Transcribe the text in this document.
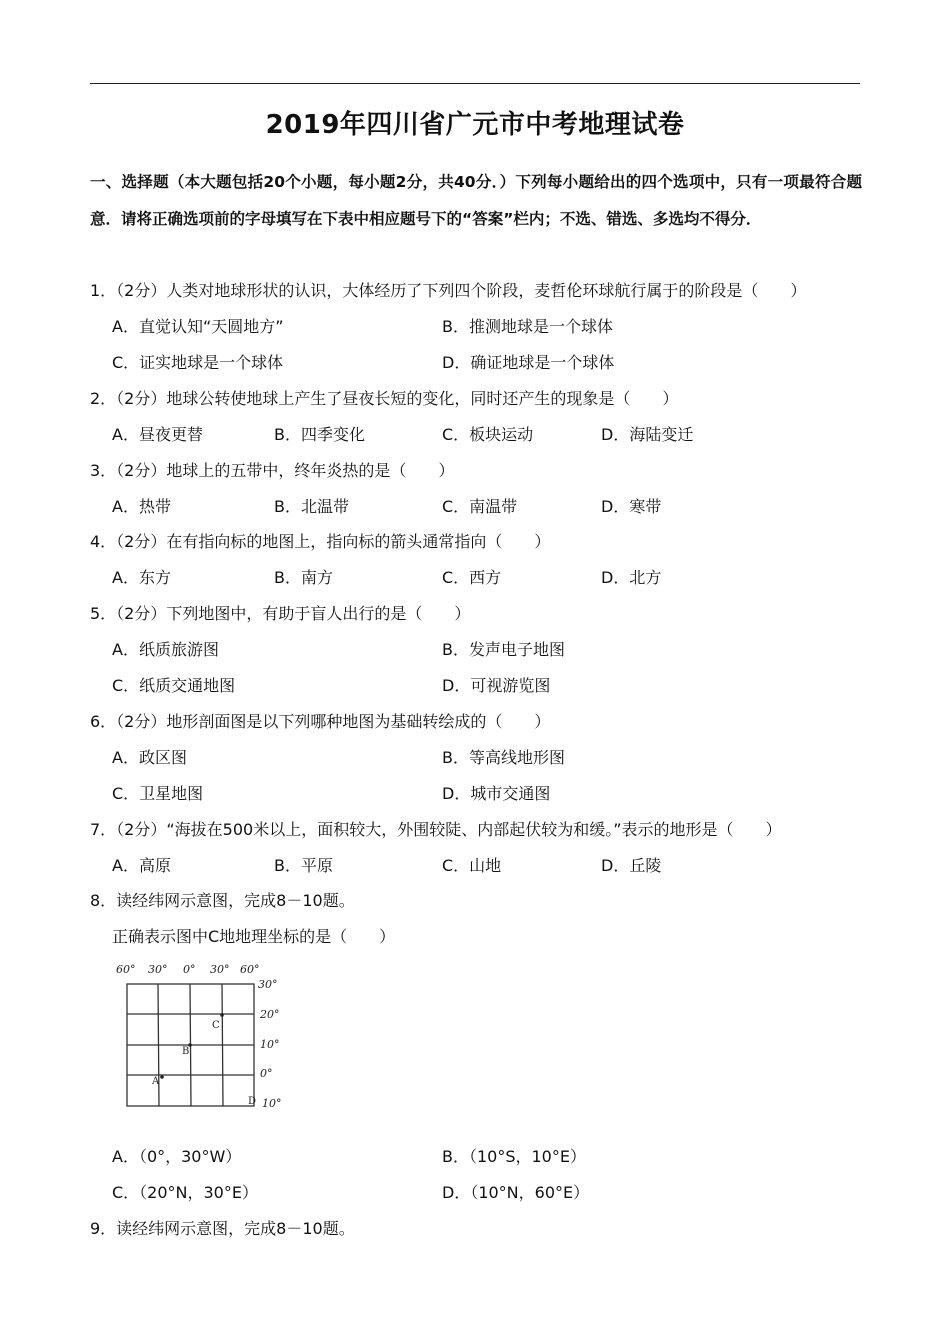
2019年四川省广元市中考地理试卷
一、选择题（本大题包括20个小题，每小题2分，共40分．）下列每小题给出的四个选项中，只有一项最符合题意．请将正确选项前的字母填写在下表中相应题号下的“答案”栏内；不选、错选、多选均不得分．
1．（2分）人类对地球形状的认识，大体经历了下列四个阶段，麦哲伦环球航行属于的阶段是（　　）
A．直觉认知“天圆地方”	B．推测地球是一个球体
C．证实地球是一个球体	D．确证地球是一个球体
2．（2分）地球公转使地球上产生了昼夜长短的变化，同时还产生的现象是（　　）
A．昼夜更替	B．四季变化	C．板块运动	D．海陆变迁
3．（2分）地球上的五带中，终年炎热的是（　　）
A．热带	B．北温带	C．南温带	D．寒带
4．（2分）在有指向标的地图上，指向标的箭头通常指向（　　）
A．东方	B．南方	C．西方	D．北方
5．（2分）下列地图中，有助于盲人出行的是（　　）
A．纸质旅游图	B．发声电子地图
C．纸质交通地图	D．可视游览图
6．（2分）地形剖面图是以下列哪种地图为基础转绘成的（　　）
A．政区图	B．等高线地形图
C．卫星地图	D．城市交通图
7．（2分）“海拔在500米以上，面积较大，外围较陡、内部起伏较为和缓。”表示的地形是（　　）
A．高原	B．平原	C．山地	D．丘陵
8．读经纬网示意图，完成8－10题。
正确表示图中C地地理坐标的是（　　）
60° 30° 0° 30° 60°
30°
20°
10°
0°
10°
A
B
C
D
A．（0°，30°W）	B．（10°S，10°E）
C．（20°N，30°E）	D．（10°N，60°E）
9．读经纬网示意图，完成8－10题。
